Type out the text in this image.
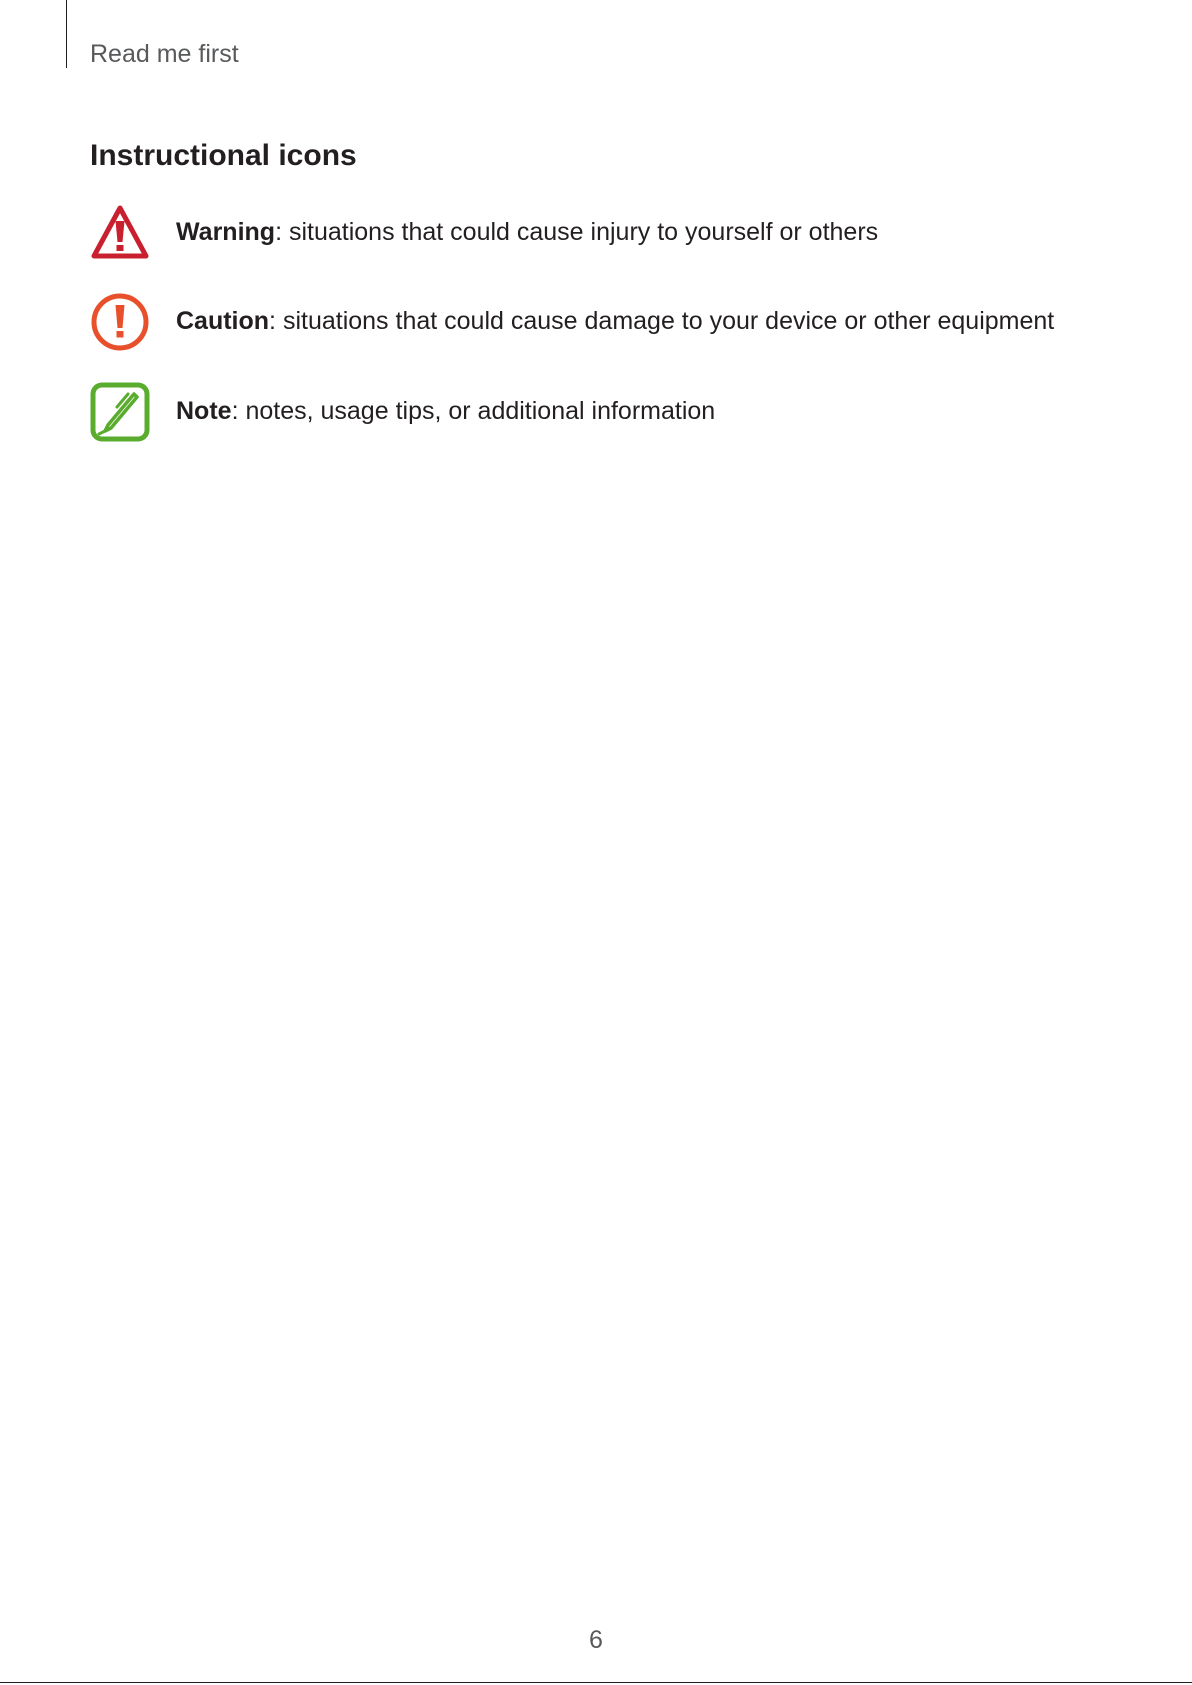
Read me first
Instructional icons
Warning: situations that could cause injury to yourself or others
Caution: situations that could cause damage to your device or other equipment
Note: notes, usage tips, or additional information
6
